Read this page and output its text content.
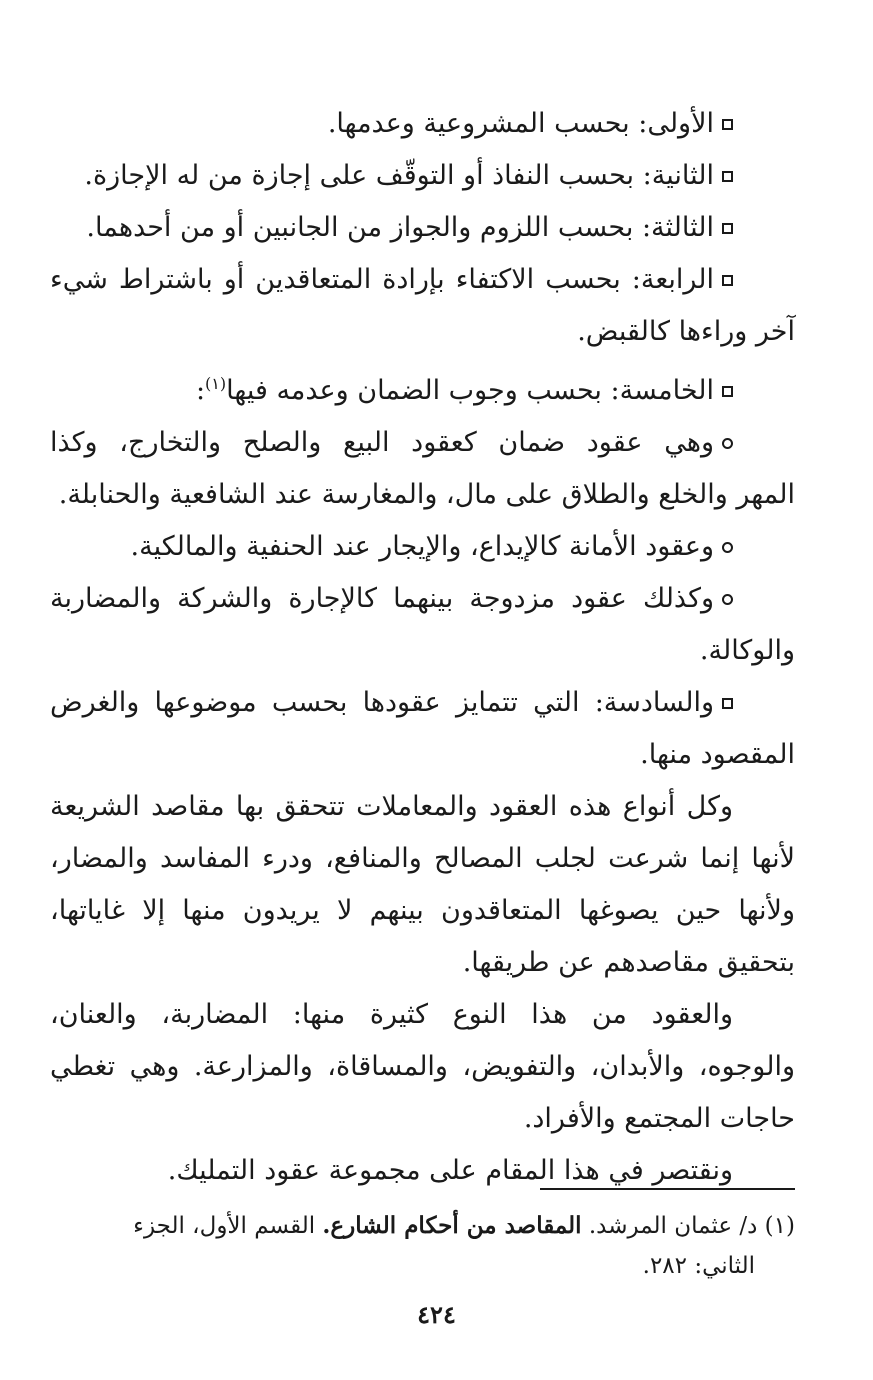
الأولى: بحسب المشروعية وعدمها.

الثانية: بحسب النفاذ أو التوقّف على إجازة من له الإجازة.

الثالثة: بحسب اللزوم والجواز من الجانبين أو من أحدهما.

الرابعة: بحسب الاكتفاء بإرادة المتعاقدين أو باشتراط شيء
آخر وراءها كالقبض.

الخامسة: بحسب وجوب الضمان وعدمه فيها$^{(١)}$:

وهي عقود ضمان كعقود البيع والصلح والتخارج، وكذا
المهر والخلع والطلاق على مال، والمغارسة عند الشافعية والحنابلة.

وعقود الأمانة كالإيداع، والإيجار عند الحنفية والمالكية.

وكذلك عقود مزدوجة بينهما كالإجارة والشركة والمضاربة
والوكالة.

والسادسة: التي تتمايز عقودها بحسب موضوعها والغرض
المقصود منها.

وكل أنواع هذه العقود والمعاملات تتحقق بها مقاصد الشريعة
لأنها إنما شرعت لجلب المصالح والمنافع، ودرء المفاسد والمضار،
ولأنها حين يصوغها المتعاقدون بينهم لا يريدون منها إلا غاياتها،
بتحقيق مقاصدهم عن طريقها.

والعقود من هذا النوع كثيرة منها: المضاربة، والعنان،
والوجوه، والأبدان، والتفويض، والمساقاة، والمزارعة. وهي تغطي
حاجات المجتمع والأفراد.

ونقتصر في هذا المقام على مجموعة عقود التمليك.

(١) د/ عثمان المرشد. المقاصد من أحكام الشارع. القسم الأول، الجزء
الثاني: ٢٨٢.
٤٢٤
